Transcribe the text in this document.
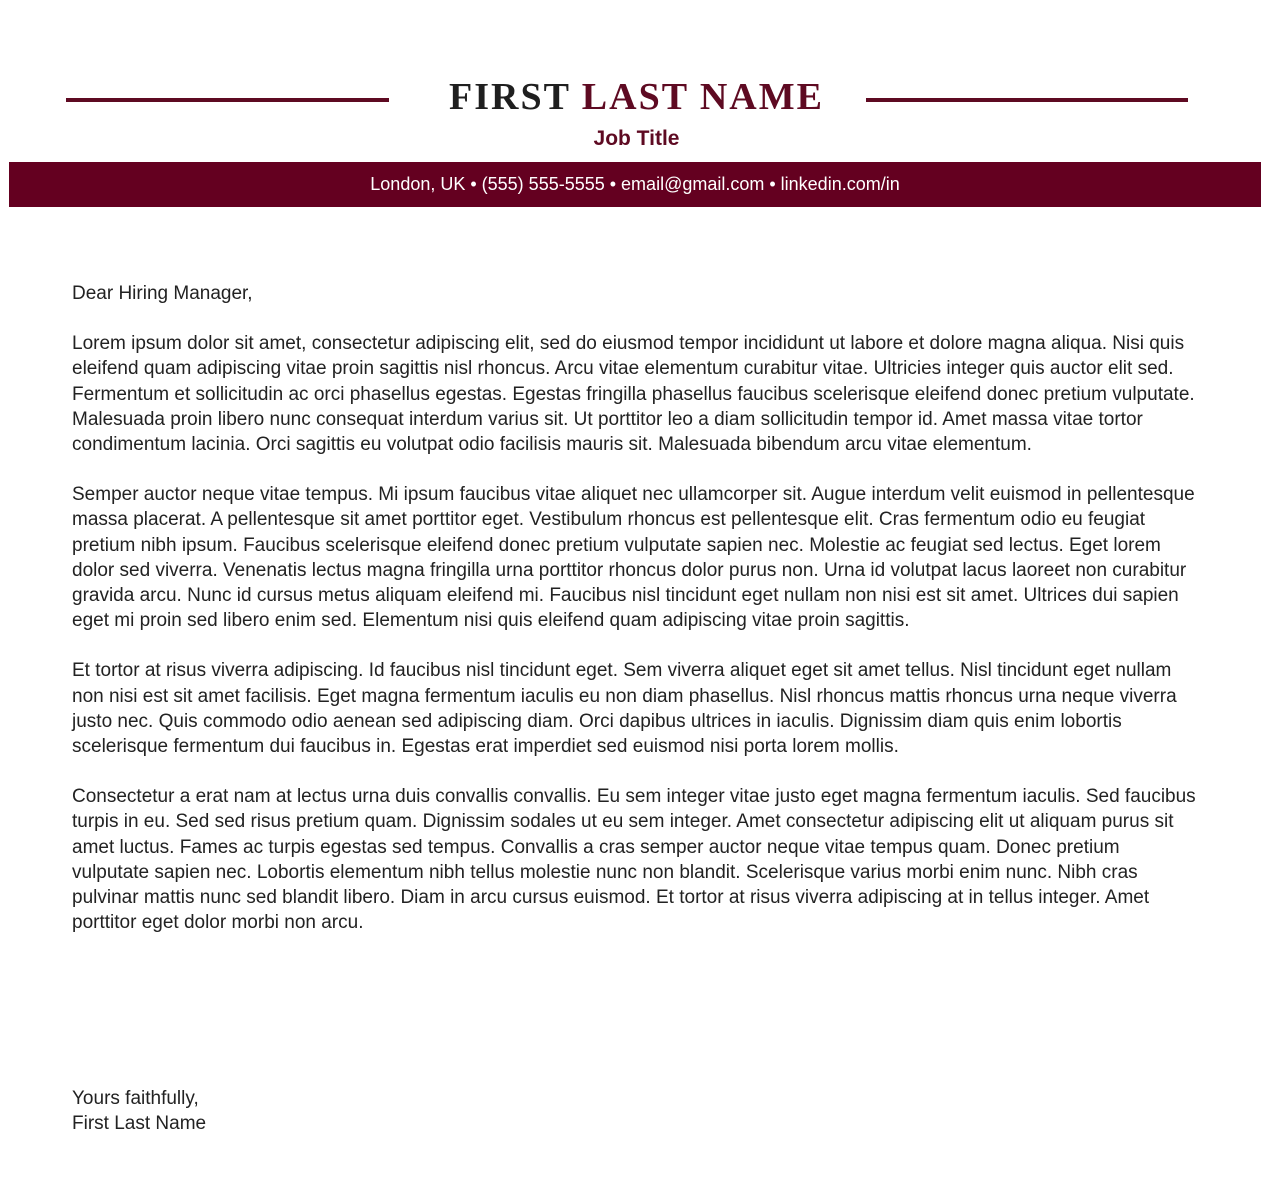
FIRST LAST NAME
Job Title
London, UK • (555) 555-5555 • email@gmail.com • linkedin.com/in

Dear Hiring Manager,

Lorem ipsum dolor sit amet, consectetur adipiscing elit, sed do eiusmod tempor incididunt ut labore et dolore magna aliqua. Nisi quis eleifend quam adipiscing vitae proin sagittis nisl rhoncus. Arcu vitae elementum curabitur vitae. Ultricies integer quis auctor elit sed. Fermentum et sollicitudin ac orci phasellus egestas. Egestas fringilla phasellus faucibus scelerisque eleifend donec pretium vulputate. Malesuada proin libero nunc consequat interdum varius sit. Ut porttitor leo a diam sollicitudin tempor id. Amet massa vitae tortor condimentum lacinia. Orci sagittis eu volutpat odio facilisis mauris sit. Malesuada bibendum arcu vitae elementum.

Semper auctor neque vitae tempus. Mi ipsum faucibus vitae aliquet nec ullamcorper sit. Augue interdum velit euismod in pellentesque massa placerat. A pellentesque sit amet porttitor eget. Vestibulum rhoncus est pellentesque elit. Cras fermentum odio eu feugiat pretium nibh ipsum. Faucibus scelerisque eleifend donec pretium vulputate sapien nec. Molestie ac feugiat sed lectus. Eget lorem dolor sed viverra. Venenatis lectus magna fringilla urna porttitor rhoncus dolor purus non. Urna id volutpat lacus laoreet non curabitur gravida arcu. Nunc id cursus metus aliquam eleifend mi. Faucibus nisl tincidunt eget nullam non nisi est sit amet. Ultrices dui sapien eget mi proin sed libero enim sed. Elementum nisi quis eleifend quam adipiscing vitae proin sagittis.

Et tortor at risus viverra adipiscing. Id faucibus nisl tincidunt eget. Sem viverra aliquet eget sit amet tellus. Nisl tincidunt eget nullam non nisi est sit amet facilisis. Eget magna fermentum iaculis eu non diam phasellus. Nisl rhoncus mattis rhoncus urna neque viverra justo nec. Quis commodo odio aenean sed adipiscing diam. Orci dapibus ultrices in iaculis. Dignissim diam quis enim lobortis scelerisque fermentum dui faucibus in. Egestas erat imperdiet sed euismod nisi porta lorem mollis.

Consectetur a erat nam at lectus urna duis convallis convallis. Eu sem integer vitae justo eget magna fermentum iaculis. Sed faucibus turpis in eu. Sed sed risus pretium quam. Dignissim sodales ut eu sem integer. Amet consectetur adipiscing elit ut aliquam purus sit amet luctus. Fames ac turpis egestas sed tempus. Convallis a cras semper auctor neque vitae tempus quam. Donec pretium vulputate sapien nec. Lobortis elementum nibh tellus molestie nunc non blandit. Scelerisque varius morbi enim nunc. Nibh cras pulvinar mattis nunc sed blandit libero. Diam in arcu cursus euismod. Et tortor at risus viverra adipiscing at in tellus integer. Amet porttitor eget dolor morbi non arcu.

Yours faithfully,
First Last Name
